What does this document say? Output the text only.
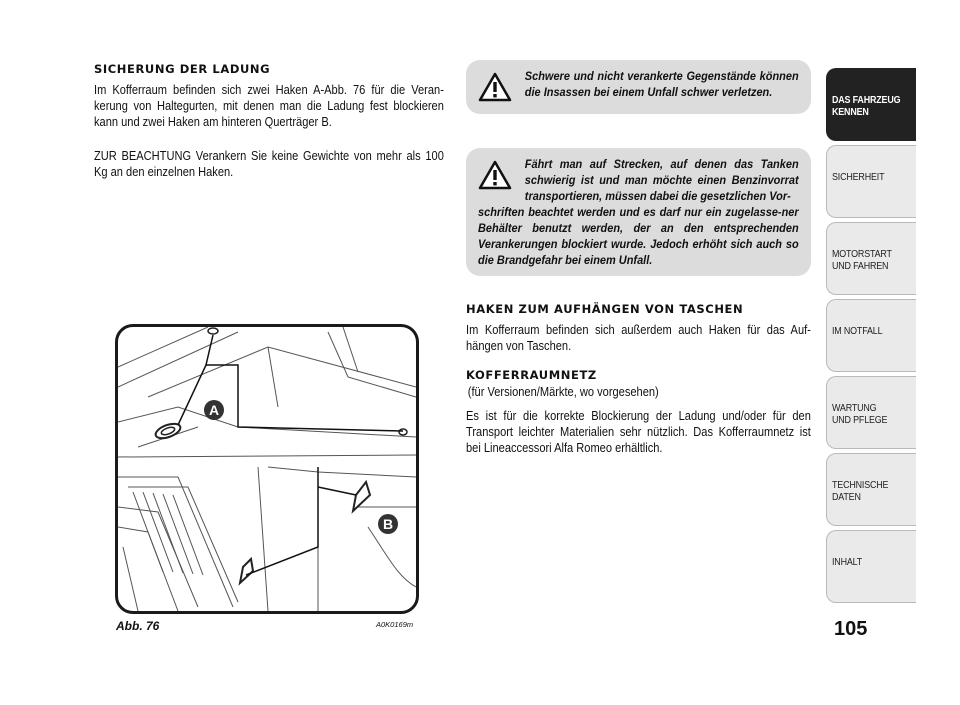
SICHERUNG DER LADUNG

Im Kofferraum befinden sich zwei Haken A-Abb. 76 für die Veran-kerung von Haltegurten, mit denen man die Ladung fest blockieren kann und zwei Haken am hinteren Querträger B.

ZUR BEACHTUNG Verankern Sie keine Gewichte von mehr als 100 Kg an den einzelnen Haken.

Schwere und nicht verankerte Gegenstände können die Insassen bei einem Unfall schwer verletzen.
Fährt man auf Strecken, auf denen das Tanken schwierig ist und man möchte einen Benzinvorrat transportieren, müssen dabei die gesetzlichen Vor-
schriften beachtet werden und es darf nur ein zugelasse-ner Behälter benutzt werden, der an den entsprechenden Verankerungen blockiert wurde. Jedoch erhöht sich auch so die Brandgefahr bei einem Unfall.
HAKEN ZUM AUFHÄNGEN VON TASCHEN

Im Kofferraum befinden sich außerdem auch Haken für das Auf-hängen von Taschen.

KOFFERRAUMNETZ

(für Versionen/Märkte, wo vorgesehen)

Es ist für die korrekte Blockierung der Ladung und/oder für den Transport leichter Materialien sehr nützlich. Das Kofferraumnetz ist bei Lineaccessori Alfa Romeo erhältlich.

A
B
Abb. 76	A0K0169m
DAS FAHRZEUG
KENNEN
SICHERHEIT
MOTORSTART
UND FAHREN
IM NOTFALL
WARTUNG
UND PFLEGE
TECHNISCHE
DATEN
INHALT
105
